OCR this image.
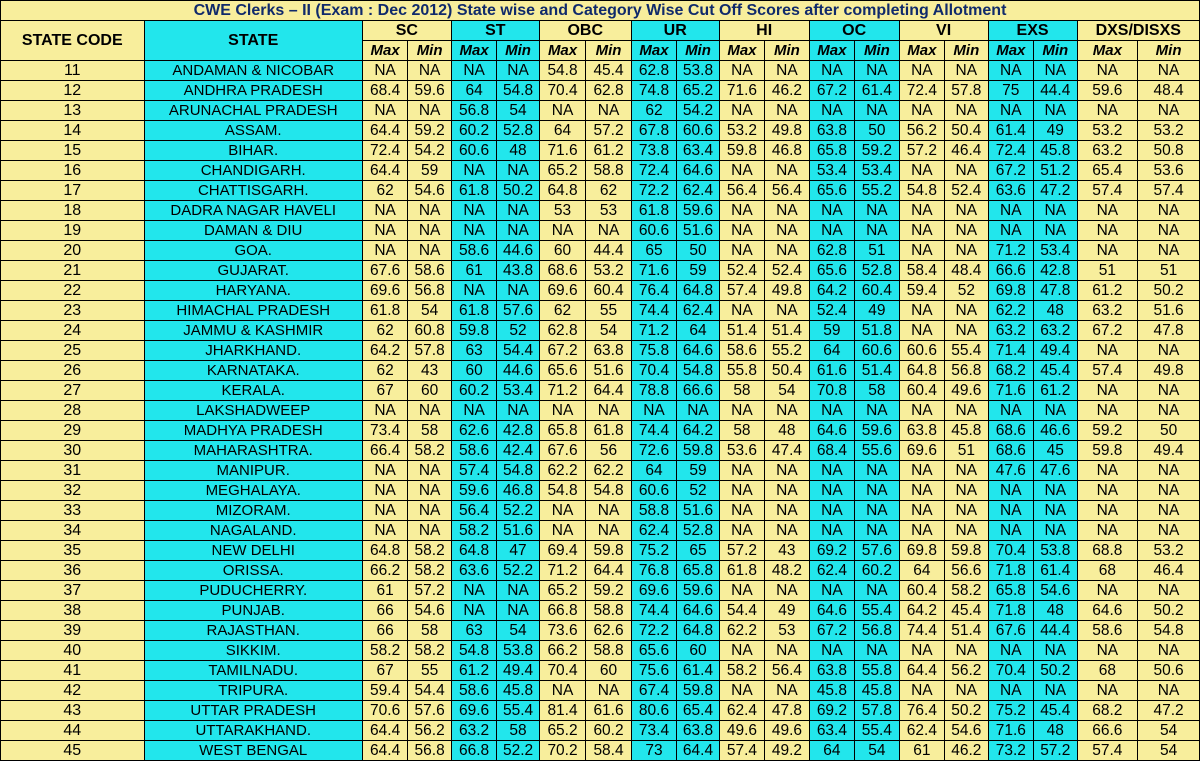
CWE Clerks – II (Exam : Dec 2012) State wise and Category Wise Cut Off Scores after completing Allotment																			
STATE CODE	STATE	SC		ST		OBC		UR		HI		OC		VI		EXS		DXS/DISXS	
		Max	Min	Max	Min	Max	Min	Max	Min	Max	Min	Max	Min	Max	Min	Max	Min	Max	Min
11	ANDAMAN & NICOBAR	NA	NA	NA	NA	54.8	45.4	62.8	53.8	NA	NA	NA	NA	NA	NA	NA	NA	NA	NA
12	ANDHRA PRADESH	68.4	59.6	64	54.8	70.4	62.8	74.8	65.2	71.6	46.2	67.2	61.4	72.4	57.8	75	44.4	59.6	48.4
13	ARUNACHAL PRADESH	NA	NA	56.8	54	NA	NA	62	54.2	NA	NA	NA	NA	NA	NA	NA	NA	NA	NA
14	ASSAM.	64.4	59.2	60.2	52.8	64	57.2	67.8	60.6	53.2	49.8	63.8	50	56.2	50.4	61.4	49	53.2	53.2
15	BIHAR.	72.4	54.2	60.6	48	71.6	61.2	73.8	63.4	59.8	46.8	65.8	59.2	57.2	46.4	72.4	45.8	63.2	50.8
16	CHANDIGARH.	64.4	59	NA	NA	65.2	58.8	72.4	64.6	NA	NA	53.4	53.4	NA	NA	67.2	51.2	65.4	53.6
17	CHATTISGARH.	62	54.6	61.8	50.2	64.8	62	72.2	62.4	56.4	56.4	65.6	55.2	54.8	52.4	63.6	47.2	57.4	57.4
18	DADRA NAGAR HAVELI	NA	NA	NA	NA	53	53	61.8	59.6	NA	NA	NA	NA	NA	NA	NA	NA	NA	NA
19	DAMAN & DIU	NA	NA	NA	NA	NA	NA	60.6	51.6	NA	NA	NA	NA	NA	NA	NA	NA	NA	NA
20	GOA.	NA	NA	58.6	44.6	60	44.4	65	50	NA	NA	62.8	51	NA	NA	71.2	53.4	NA	NA
21	GUJARAT.	67.6	58.6	61	43.8	68.6	53.2	71.6	59	52.4	52.4	65.6	52.8	58.4	48.4	66.6	42.8	51	51
22	HARYANA.	69.6	56.8	NA	NA	69.6	60.4	76.4	64.8	57.4	49.8	64.2	60.4	59.4	52	69.8	47.8	61.2	50.2
23	HIMACHAL PRADESH	61.8	54	61.8	57.6	62	55	74.4	62.4	NA	NA	52.4	49	NA	NA	62.2	48	63.2	51.6
24	JAMMU & KASHMIR	62	60.8	59.8	52	62.8	54	71.2	64	51.4	51.4	59	51.8	NA	NA	63.2	63.2	67.2	47.8
25	JHARKHAND.	64.2	57.8	63	54.4	67.2	63.8	75.8	64.6	58.6	55.2	64	60.6	60.6	55.4	71.4	49.4	NA	NA
26	KARNATAKA.	62	43	60	44.6	65.6	51.6	70.4	54.8	55.8	50.4	61.6	51.4	64.8	56.8	68.2	45.4	57.4	49.8
27	KERALA.	67	60	60.2	53.4	71.2	64.4	78.8	66.6	58	54	70.8	58	60.4	49.6	71.6	61.2	NA	NA
28	LAKSHADWEEP	NA	NA	NA	NA	NA	NA	NA	NA	NA	NA	NA	NA	NA	NA	NA	NA	NA	NA
29	MADHYA PRADESH	73.4	58	62.6	42.8	65.8	61.8	74.4	64.2	58	48	64.6	59.6	63.8	45.8	68.6	46.6	59.2	50
30	MAHARASHTRA.	66.4	58.2	58.6	42.4	67.6	56	72.6	59.8	53.6	47.4	68.4	55.6	69.6	51	68.6	45	59.8	49.4
31	MANIPUR.	NA	NA	57.4	54.8	62.2	62.2	64	59	NA	NA	NA	NA	NA	NA	47.6	47.6	NA	NA
32	MEGHALAYA.	NA	NA	59.6	46.8	54.8	54.8	60.6	52	NA	NA	NA	NA	NA	NA	NA	NA	NA	NA
33	MIZORAM.	NA	NA	56.4	52.2	NA	NA	58.8	51.6	NA	NA	NA	NA	NA	NA	NA	NA	NA	NA
34	NAGALAND.	NA	NA	58.2	51.6	NA	NA	62.4	52.8	NA	NA	NA	NA	NA	NA	NA	NA	NA	NA
35	NEW DELHI	64.8	58.2	64.8	47	69.4	59.8	75.2	65	57.2	43	69.2	57.6	69.8	59.8	70.4	53.8	68.8	53.2
36	ORISSA.	66.2	58.2	63.6	52.2	71.2	64.4	76.8	65.8	61.8	48.2	62.4	60.2	64	56.6	71.8	61.4	68	46.4
37	PUDUCHERRY.	61	57.2	NA	NA	65.2	59.2	69.6	59.6	NA	NA	NA	NA	60.4	58.2	65.8	54.6	NA	NA
38	PUNJAB.	66	54.6	NA	NA	66.8	58.8	74.4	64.6	54.4	49	64.6	55.4	64.2	45.4	71.8	48	64.6	50.2
39	RAJASTHAN.	66	58	63	54	73.6	62.6	72.2	64.8	62.2	53	67.2	56.8	74.4	51.4	67.6	44.4	58.6	54.8
40	SIKKIM.	58.2	58.2	54.8	53.8	66.2	58.8	65.6	60	NA	NA	NA	NA	NA	NA	NA	NA	NA	NA
41	TAMILNADU.	67	55	61.2	49.4	70.4	60	75.6	61.4	58.2	56.4	63.8	55.8	64.4	56.2	70.4	50.2	68	50.6
42	TRIPURA.	59.4	54.4	58.6	45.8	NA	NA	67.4	59.8	NA	NA	45.8	45.8	NA	NA	NA	NA	NA	NA
43	UTTAR PRADESH	70.6	57.6	69.6	55.4	81.4	61.6	80.6	65.4	62.4	47.8	69.2	57.8	76.4	50.2	75.2	45.4	68.2	47.2
44	UTTARAKHAND.	64.4	56.2	63.2	58	65.2	60.2	73.4	63.8	49.6	49.6	63.4	55.4	62.4	54.6	71.6	48	66.6	54
45	WEST BENGAL	64.4	56.8	66.8	52.2	70.2	58.4	73	64.4	57.4	49.2	64	54	61	46.2	73.2	57.2	57.4	54
